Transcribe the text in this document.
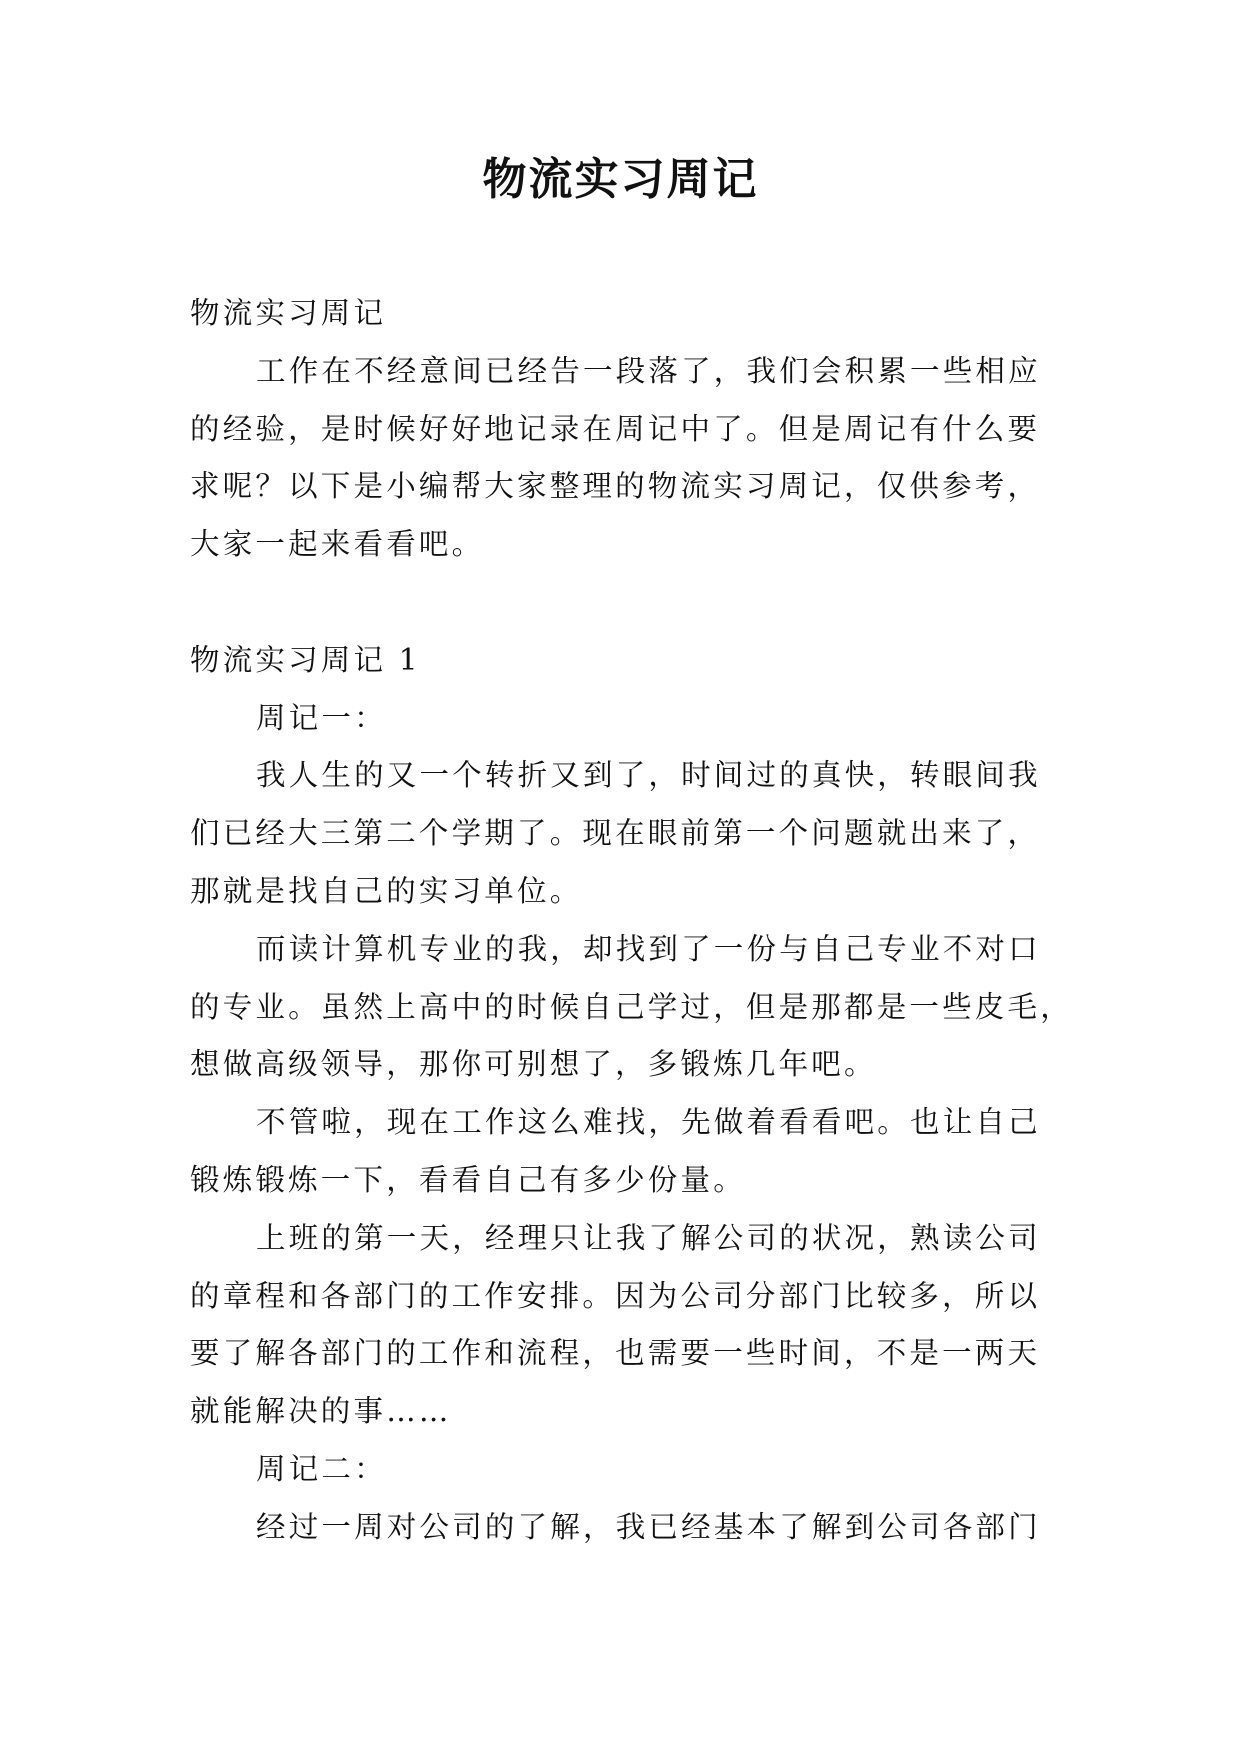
物流实习周记
物流实习周记
工作在不经意间已经告一段落了，我们会积累一些相应
的经验，是时候好好地记录在周记中了。但是周记有什么要
求呢？以下是小编帮大家整理的物流实习周记，仅供参考，
大家一起来看看吧。
物流实习周记 1
周记一：
我人生的又一个转折又到了，时间过的真快，转眼间我
们已经大三第二个学期了。现在眼前第一个问题就出来了，
那就是找自己的实习单位。
而读计算机专业的我，却找到了一份与自己专业不对口
的专业。虽然上高中的时候自己学过，但是那都是一些皮毛，
想做高级领导，那你可别想了，多锻炼几年吧。
不管啦，现在工作这么难找，先做着看看吧。也让自己
锻炼锻炼一下，看看自己有多少份量。
上班的第一天，经理只让我了解公司的状况，熟读公司
的章程和各部门的工作安排。因为公司分部门比较多，所以
要了解各部门的工作和流程，也需要一些时间，不是一两天
就能解决的事……
周记二：
经过一周对公司的了解，我已经基本了解到公司各部门
